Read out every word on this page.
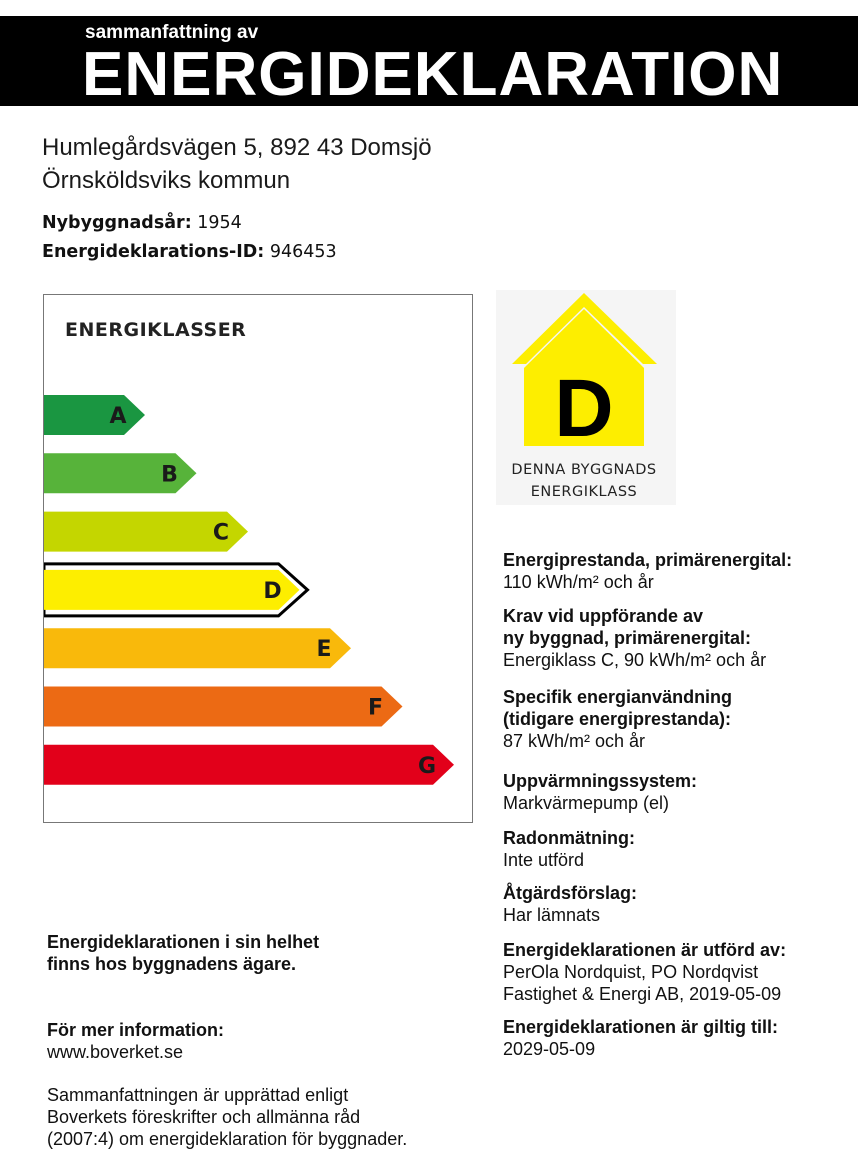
sammanfattning av
ENERGIDEKLARATION
Humlegårdsvägen 5, 892 43 Domsjö
Örnsköldsviks kommun
Nybyggnadsår: 1954
Energideklarations-ID: 946453
ENERGIKLASSER
A
B
C
D
E
F
G
D
DENNA BYGGNADS
ENERGIKLASS
Energiprestanda, primärenergital:
110 kWh/m² och år
Krav vid uppförande av
ny byggnad, primärenergital:
Energiklass C, 90 kWh/m² och år
Specifik energianvändning
(tidigare energiprestanda):
87 kWh/m² och år
Uppvärmningssystem:
Markvärmepump (el)
Radonmätning:
Inte utförd
Åtgärdsförslag:
Har lämnats
Energideklarationen är utförd av:
PerOla Nordquist, PO Nordqvist
Fastighet & Energi AB, 2019-05-09
Energideklarationen är giltig till:
2029-05-09
Energideklarationen i sin helhet
finns hos byggnadens ägare.
För mer information:
www.boverket.se
Sammanfattningen är upprättad enligt
Boverkets föreskrifter och allmänna råd
(2007:4) om energideklaration för byggnader.
